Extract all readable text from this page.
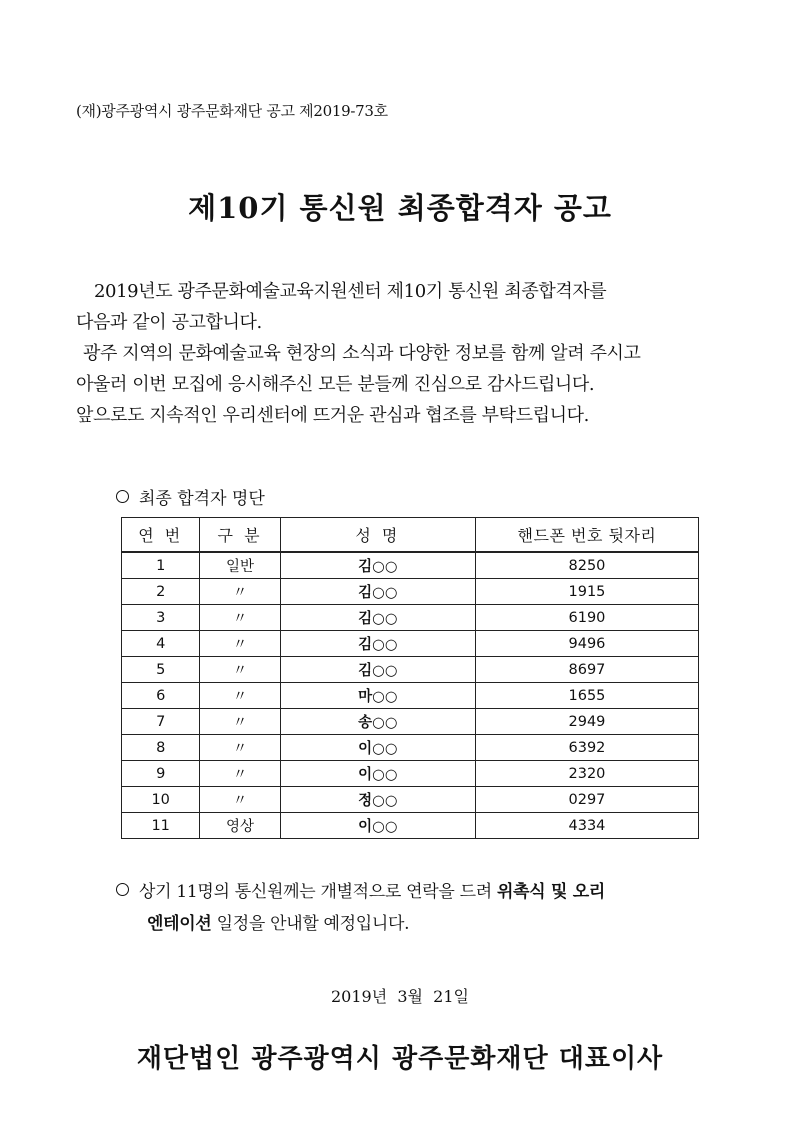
(재)광주광역시 광주문화재단 공고 제2019-73호
제10기 통신원 최종합격자 공고

2019년도 광주문화예술교육지원센터 제10기 통신원 최종합격자를

다음과 같이 공고합니다.

광주 지역의 문화예술교육 현장의 소식과 다양한 정보를 함께 알려 주시고

아울러 이번 모집에 응시해주신 모든 분들께 진심으로 감사드립니다.

앞으로도 지속적인 우리센터에 뜨거운 관심과 협조를 부탁드립니다.

최종 합격자 명단
연 번	구 분	성 명	핸드폰 번호 뒷자리
1	일반	김○○	8250
2	〃	김○○	1915
3	〃	김○○	6190
4	〃	김○○	9496
5	〃	김○○	8697
6	〃	마○○	1655
7	〃	송○○	2949
8	〃	이○○	6392
9	〃	이○○	2320
10	〃	정○○	0297
11	영상	이○○	4334

상기 11명의 통신원께는 개별적으로 연락을 드려 위촉식 및 오리

엔테이션 일정을 안내할 예정입니다.

2019년  3월  21일
재단법인 광주광역시 광주문화재단 대표이사
